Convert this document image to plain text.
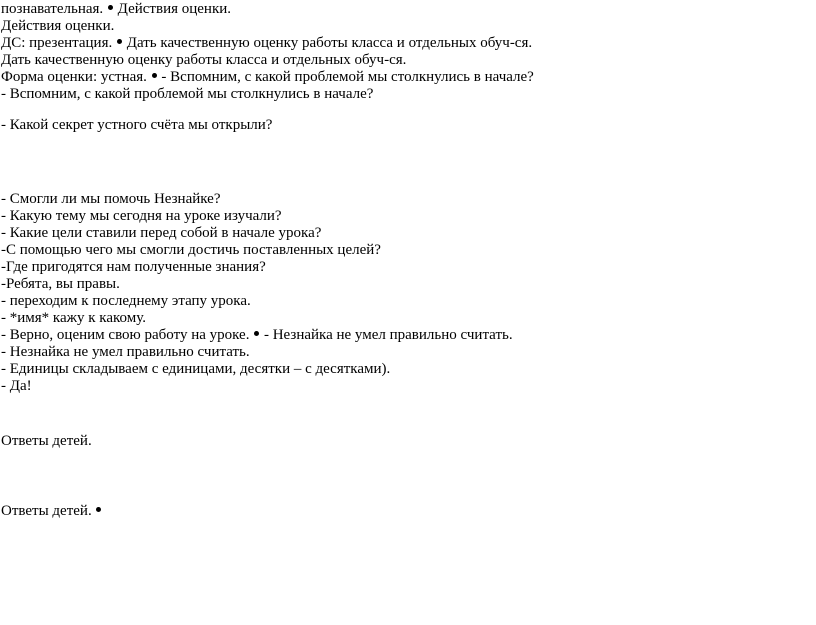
познавательная. Действия оценки.
Действия оценки.
ДС: презентация. Дать качественную оценку работы класса и отдельных обуч-ся.
Дать качественную оценку работы класса и отдельных обуч-ся.
Форма оценки: устная. - Вспомним, с какой проблемой мы столкнулись в начале?
- Вспомним, с какой проблемой мы столкнулись в начале?
- Какой секрет устного счёта мы открыли?
- Смогли ли мы помочь Незнайке?
- Какую тему мы сегодня на уроке изучали?
- Какие цели ставили перед собой в начале урока?
-С помощью чего мы смогли достичь поставленных целей?
-Где пригодятся нам полученные знания?
-Ребята, вы правы.
- переходим к последнему этапу урока.
- *имя* кажу к какому.
- Верно, оценим свою работу на уроке. - Незнайка не умел правильно считать.
- Незнайка не умел правильно считать.
- Единицы складываем с единицами, десятки – с десятками).
- Да!
Ответы детей.
Ответы детей.
